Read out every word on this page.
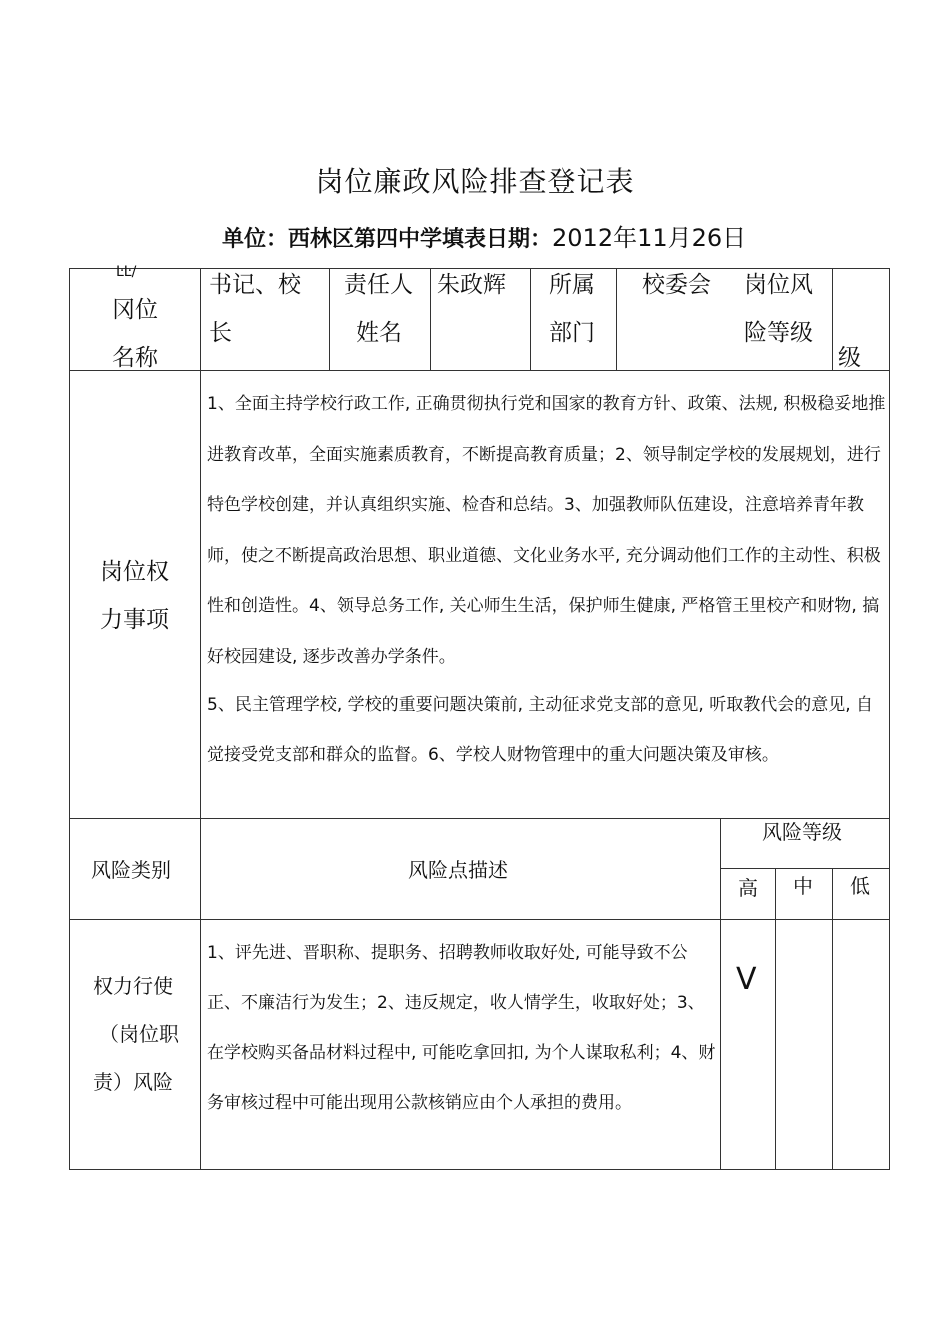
岗位廉政风险排查登记表
单位：西林区第四中学填表日期：2012年11月26日
ĿĿ/
冈位
名称
书记、校
长
责任人
姓名
朱政辉 所属
部门
校委会 岗位风
险等级
级
岗位权
力事项
1、全面主持学校行政工作, 正确贯彻执行党和国家的教育方针、政策、法规, 积极稳妥地推进教育改革，全面实施素质教育，不断提高教育质量；2、领导制定学校的发展规划，进行特色学校创建，并认真组织实施、检杳和总结。3、加强教师队伍建设，注意培养青年教师，使之不断提高政治思想、职业道德、文化业务水平, 充分调动他们工作的主动性、积极性和创造性。4、领导总务工作, 关心师生生活，保护师生健康, 严格管王里校产和财物, 搞好校园建设, 逐步改善办学条件。
5、民主管理学校, 学校的重要问题决策前, 主动征求党支部的意见, 听取教代会的意见, 自觉接受党支部和群众的监督。6、学校人财物管理中的重大问题决策及审核。
风险类别	风险点描述
风险等级
高 中 低
权力行使
（岗位职
责）风险
1、评先进、晋职称、提职务、招聘教师收取好处, 可能导致不公正、不廉洁行为发生；2、违反规定，收人情学生，收取好处；3、在学校购买备品材料过程中, 可能吃拿回扣, 为个人谋取私利；4、财务审核过程中可能出现用公款核销应由个人承担的费用。
V
